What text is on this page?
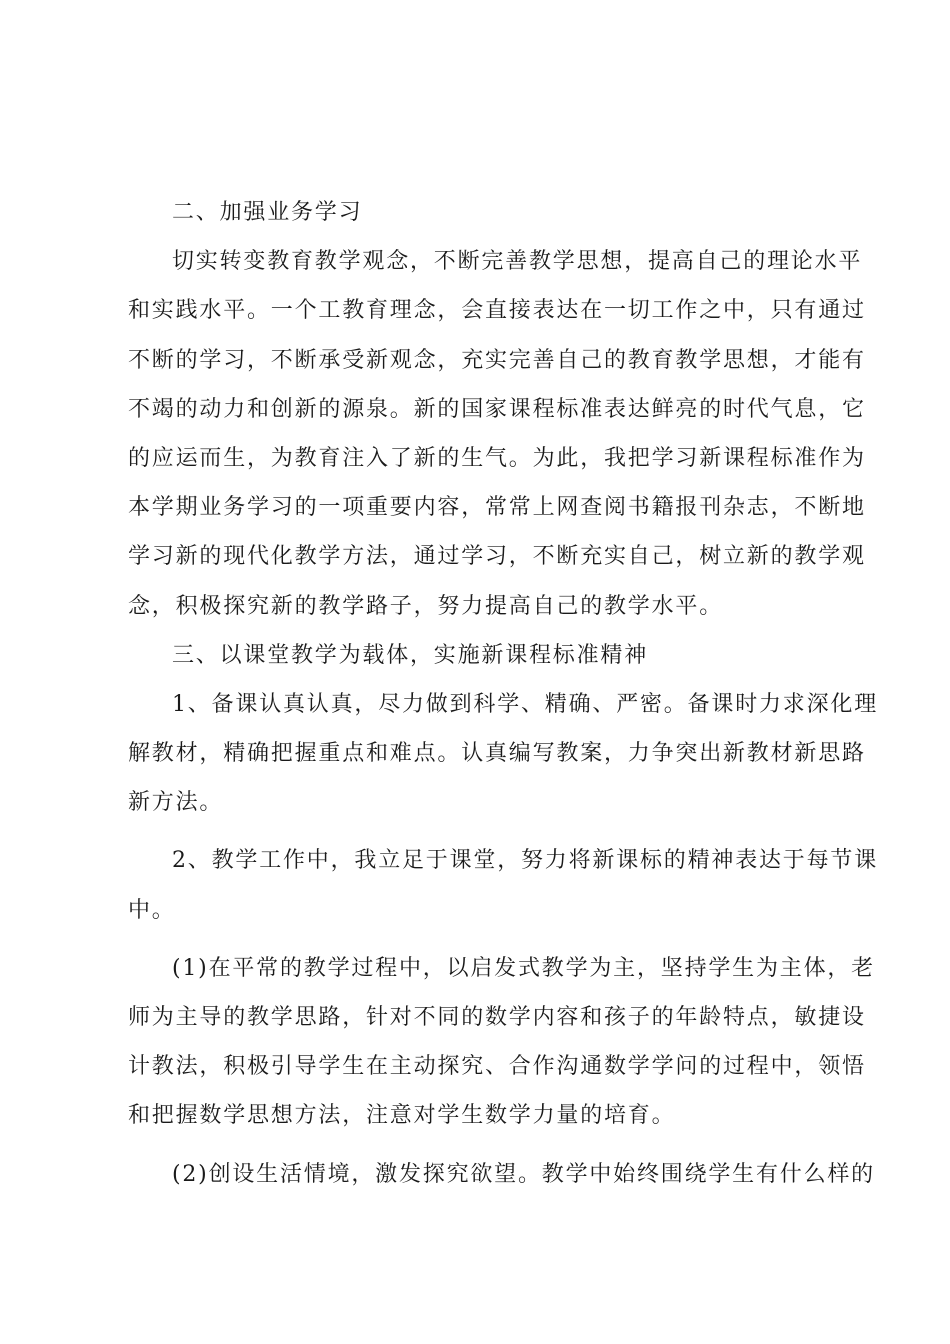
二、加强业务学习
切实转变教育教学观念，不断完善教学思想，提高自己的理论水平
和实践水平。一个工教育理念，会直接表达在一切工作之中，只有通过
不断的学习，不断承受新观念，充实完善自己的教育教学思想，才能有
不竭的动力和创新的源泉。新的国家课程标准表达鲜亮的时代气息，它
的应运而生，为教育注入了新的生气。为此，我把学习新课程标准作为
本学期业务学习的一项重要内容，常常上网查阅书籍报刊杂志，不断地
学习新的现代化教学方法，通过学习，不断充实自己，树立新的教学观
念，积极探究新的教学路子，努力提高自己的教学水平。
三、以课堂教学为载体，实施新课程标准精神
1、备课认真认真，尽力做到科学、精确、严密。备课时力求深化理
解教材，精确把握重点和难点。认真编写教案，力争突出新教材新思路
新方法。
2、教学工作中，我立足于课堂，努力将新课标的精神表达于每节课
中。
(1)在平常的教学过程中，以启发式教学为主，坚持学生为主体，老
师为主导的教学思路，针对不同的数学内容和孩子的年龄特点，敏捷设
计教法，积极引导学生在主动探究、合作沟通数学学问的过程中，领悟
和把握数学思想方法，注意对学生数学力量的培育。
(2)创设生活情境，激发探究欲望。教学中始终围绕学生有什么样的
